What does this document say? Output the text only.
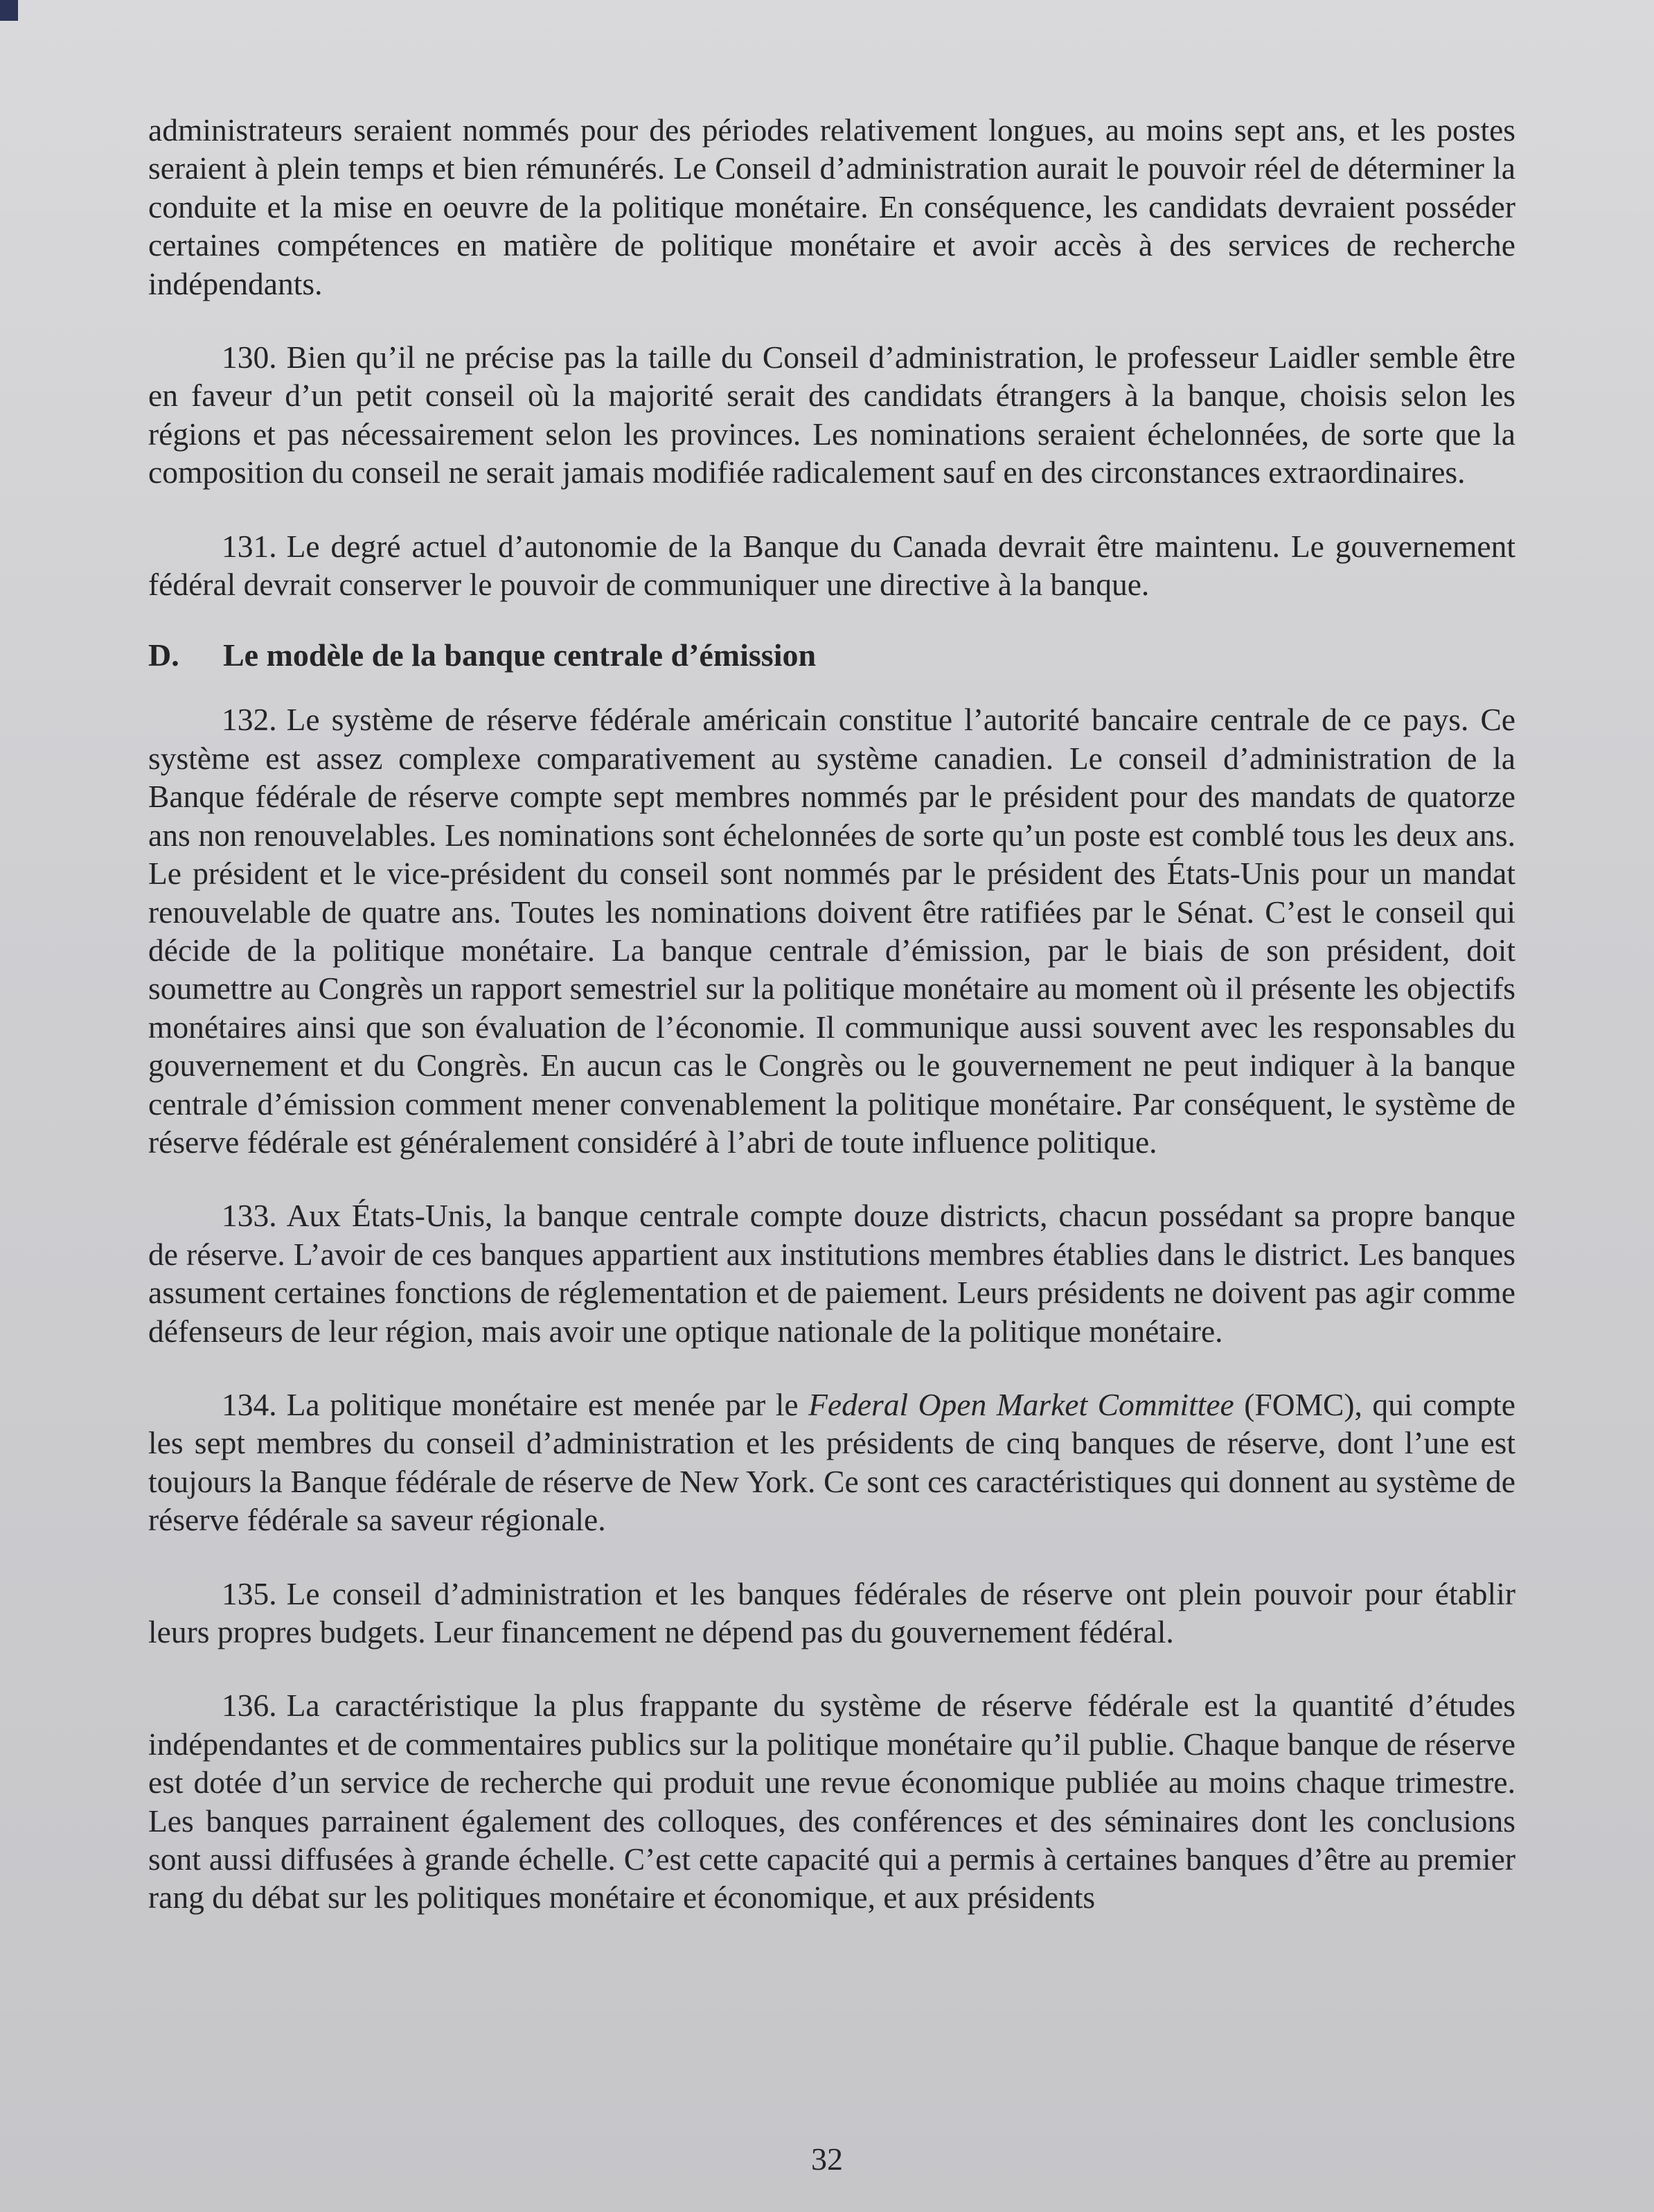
administrateurs seraient nommés pour des périodes relativement longues, au moins sept ans, et les postes seraient à plein temps et bien rémunérés. Le Conseil d’administration aurait le pouvoir réel de déterminer la conduite et la mise en oeuvre de la politique monétaire. En conséquence, les candidats devraient posséder certaines compétences en matière de politique monétaire et avoir accès à des services de recherche indépendants.

130. Bien qu’il ne précise pas la taille du Conseil d’administration, le professeur Laidler semble être en faveur d’un petit conseil où la majorité serait des candidats étrangers à la banque, choisis selon les régions et pas nécessairement selon les provinces. Les nominations seraient échelonnées, de sorte que la composition du conseil ne serait jamais modifiée radicalement sauf en des circonstances extraordinaires.

131. Le degré actuel d’autonomie de la Banque du Canada devrait être maintenu. Le gouvernement fédéral devrait conserver le pouvoir de communiquer une directive à la banque.

D.	Le modèle de la banque centrale d’émission

132. Le système de réserve fédérale américain constitue l’autorité bancaire centrale de ce pays. Ce système est assez complexe comparativement au système canadien. Le conseil d’administration de la Banque fédérale de réserve compte sept membres nommés par le président pour des mandats de quatorze ans non renouvelables. Les nominations sont échelonnées de sorte qu’un poste est comblé tous les deux ans. Le président et le vice-président du conseil sont nommés par le président des États-Unis pour un mandat renouvelable de quatre ans. Toutes les nominations doivent être ratifiées par le Sénat. C’est le conseil qui décide de la politique monétaire. La banque centrale d’émission, par le biais de son président, doit soumettre au Congrès un rapport semestriel sur la politique monétaire au moment où il présente les objectifs monétaires ainsi que son évaluation de l’économie. Il communique aussi souvent avec les responsables du gouvernement et du Congrès. En aucun cas le Congrès ou le gouvernement ne peut indiquer à la banque centrale d’émission comment mener convenablement la politique monétaire. Par conséquent, le système de réserve fédérale est généralement considéré à l’abri de toute influence politique.

133. Aux États-Unis, la banque centrale compte douze districts, chacun possédant sa propre banque de réserve. L’avoir de ces banques appartient aux institutions membres établies dans le district. Les banques assument certaines fonctions de réglementation et de paiement. Leurs présidents ne doivent pas agir comme défenseurs de leur région, mais avoir une optique nationale de la politique monétaire.

134. La politique monétaire est menée par le Federal Open Market Committee (FOMC), qui compte les sept membres du conseil d’administration et les présidents de cinq banques de réserve, dont l’une est toujours la Banque fédérale de réserve de New York. Ce sont ces caractéristiques qui donnent au système de réserve fédérale sa saveur régionale.

135. Le conseil d’administration et les banques fédérales de réserve ont plein pouvoir pour établir leurs propres budgets. Leur financement ne dépend pas du gouvernement fédéral.

136. La caractéristique la plus frappante du système de réserve fédérale est la quantité d’études indépendantes et de commentaires publics sur la politique monétaire qu’il publie. Chaque banque de réserve est dotée d’un service de recherche qui produit une revue économique publiée au moins chaque trimestre. Les banques parrainent également des colloques, des conférences et des séminaires dont les conclusions sont aussi diffusées à grande échelle. C’est cette capacité qui a permis à certaines banques d’être au premier rang du débat sur les politiques monétaire et économique, et aux présidents

32
